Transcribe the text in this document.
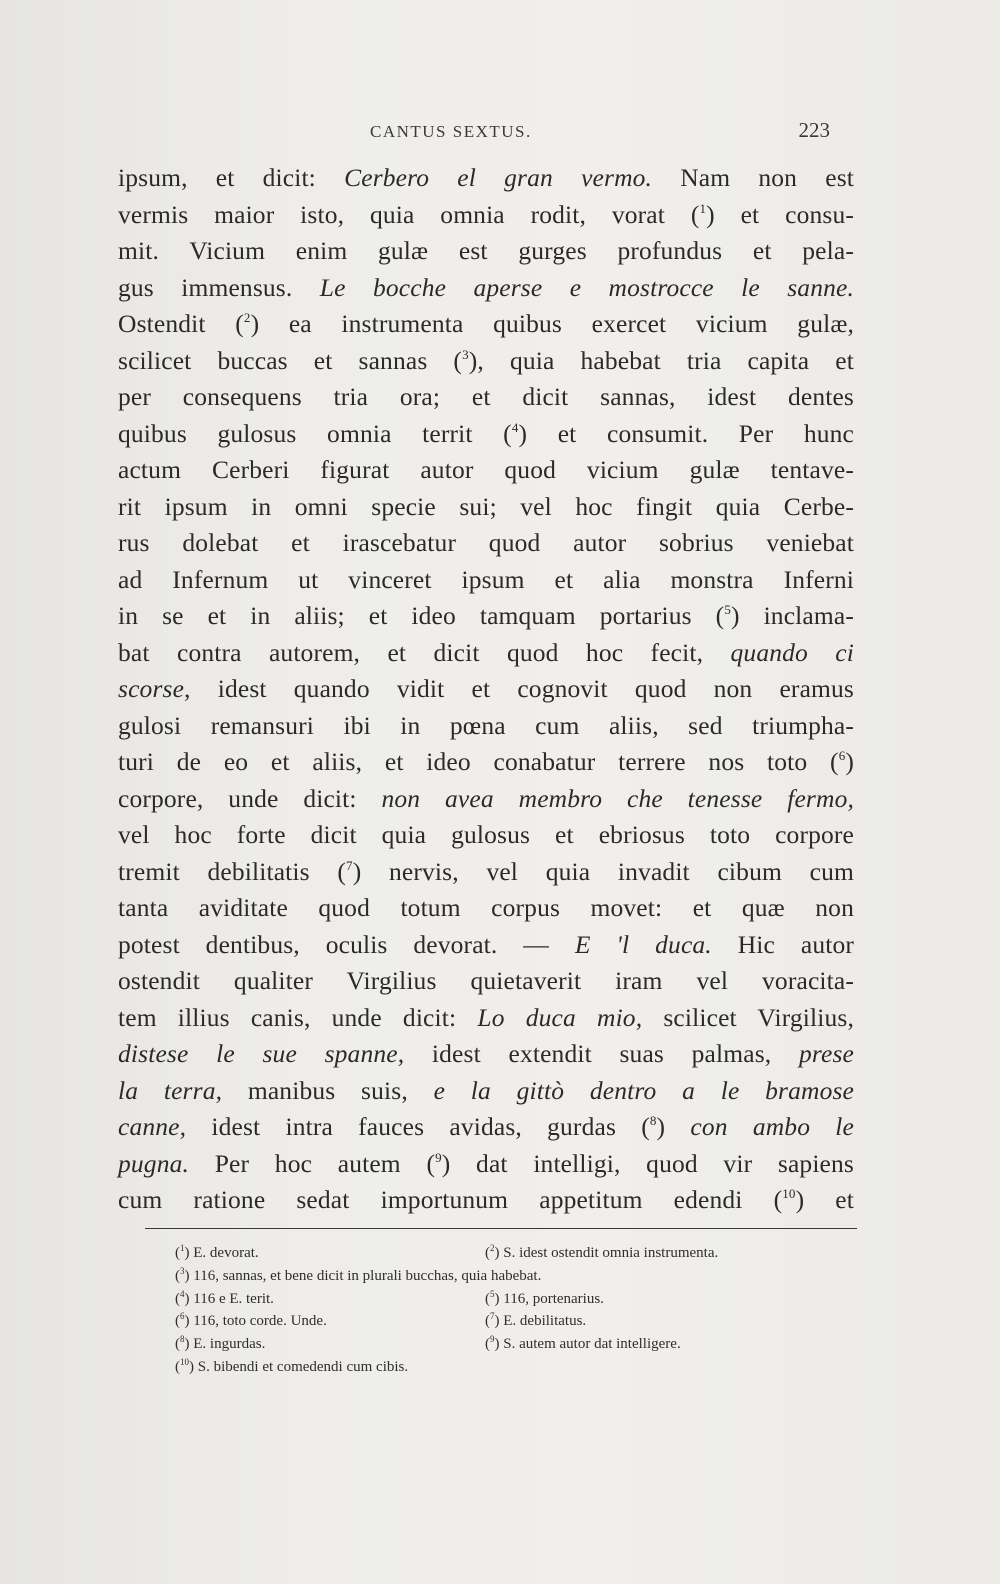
CANTUS SEXTUS.	223
ipsum, et dicit: Cerbero el gran vermo. Nam non est
vermis maior isto, quia omnia rodit, vorat ($^1$) et consu-
mit. Vicium enim gulæ est gurges profundus et pela-
gus immensus. Le bocche aperse e mostrocce le sanne.
Ostendit ($^2$) ea instrumenta quibus exercet vicium gulæ,
scilicet buccas et sannas ($^3$), quia habebat tria capita et
per consequens tria ora; et dicit sannas, idest dentes
quibus gulosus omnia territ ($^4$) et consumit. Per hunc
actum Cerberi figurat autor quod vicium gulæ tentave-
rit ipsum in omni specie sui; vel hoc fingit quia Cerbe-
rus dolebat et irascebatur quod autor sobrius veniebat
ad Infernum ut vinceret ipsum et alia monstra Inferni
in se et in aliis; et ideo tamquam portarius ($^5$) inclama-
bat contra autorem, et dicit quod hoc fecit, quando ci
scorse, idest quando vidit et cognovit quod non eramus
gulosi remansuri ibi in pœna cum aliis, sed triumpha-
turi de eo et aliis, et ideo conabatur terrere nos toto ($^6$)
corpore, unde dicit: non avea membro che tenesse fermo,
vel hoc forte dicit quia gulosus et ebriosus toto corpore
tremit debilitatis ($^7$) nervis, vel quia invadit cibum cum
tanta aviditate quod totum corpus movet: et quæ non
potest dentibus, oculis devorat. — E 'l duca. Hic autor
ostendit qualiter Virgilius quietaverit iram vel voracita-
tem illius canis, unde dicit: Lo duca mio, scilicet Virgilius,
distese le sue spanne, idest extendit suas palmas, prese
la terra, manibus suis, e la gittò dentro a le bramose
canne, idest intra fauces avidas, gurdas ($^8$) con ambo le
pugna. Per hoc autem ($^9$) dat intelligi, quod vir sapiens
cum ratione sedat importunum appetitum edendi ($^{10}$) et
($^1$) E. devorat.	($^2$) S. idest ostendit omnia instrumenta.
($^3$) 116, sannas, et bene dicit in plurali bucchas, quia habebat.
($^4$) 116 e E. terit.	($^5$) 116, portenarius.
($^6$) 116, toto corde. Unde.	($^7$) E. debilitatus.
($^8$) E. ingurdas.	($^9$) S. autem autor dat intelligere.
($^{10}$) S. bibendi et comedendi cum cibis.
